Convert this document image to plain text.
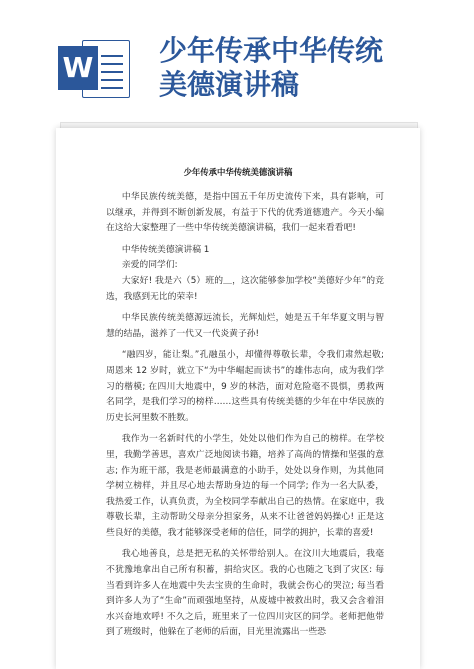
W
少年传承中华传统
美德演讲稿
少年传承中华传统美德演讲稿

中华民族传统美德，是指中国五千年历史流传下来，具有影响，可以继承，并得到不断创新发展，有益于下代的优秀道德遗产。今天小编在这给大家整理了一些中华传统美德演讲稿，我们一起来看看吧!

中华传统美德演讲稿 1

亲爱的同学们:

大家好! 我是六（5）班的＿，这次能够参加学校“美德好少年”的竞选，我感到无比的荣幸!

中华民族传统美德源远流长，光辉灿烂，她是五千年华夏文明与智慧的结晶，滋养了一代又一代炎黄子孙!

“融四岁，能让梨。”孔融虽小，却懂得尊敬长辈，令我们肃然起敬; 周恩来 12 岁时，就立下“为中华崛起而读书”的雄伟志向，成为我们学习的楷模; 在四川大地震中，9 岁的林浩，面对危险毫不畏惧，勇救两名同学，是我们学习的榜样……这些具有传统美德的少年在中华民族的历史长河里数不胜数。

我作为一名新时代的小学生，处处以他们作为自己的榜样。在学校里，我勤学善思，喜欢广泛地阅读书籍，培养了高尚的情操和坚强的意志; 作为班干部，我是老师最满意的小助手，处处以身作则，为其他同学树立榜样，并且尽心地去帮助身边的每一个同学; 作为一名大队委，我热爱工作，认真负责，为全校同学奉献出自己的热情。在家庭中，我尊敬长辈，主动帮助父母亲分担家务，从来不让爸爸妈妈操心! 正是这些良好的美德，我才能够深受老师的信任，同学的拥护，长辈的喜爱!

我心地善良，总是把无私的关怀带给别人。在汶川大地震后，我毫不犹豫地拿出自己所有积蓄，捐给灾区。我的心也随之飞到了灾区: 每当看到许多人在地震中失去宝贵的生命时，我就会伤心的哭泣; 每当看到许多人为了“生命”而顽强地坚持，从废墟中被救出时，我又会含着泪水兴奋地欢呼! 不久之后，班里来了一位四川灾区的同学。老师把他带到了班级时，他躲在了老师的后面，目光里流露出一些恐
